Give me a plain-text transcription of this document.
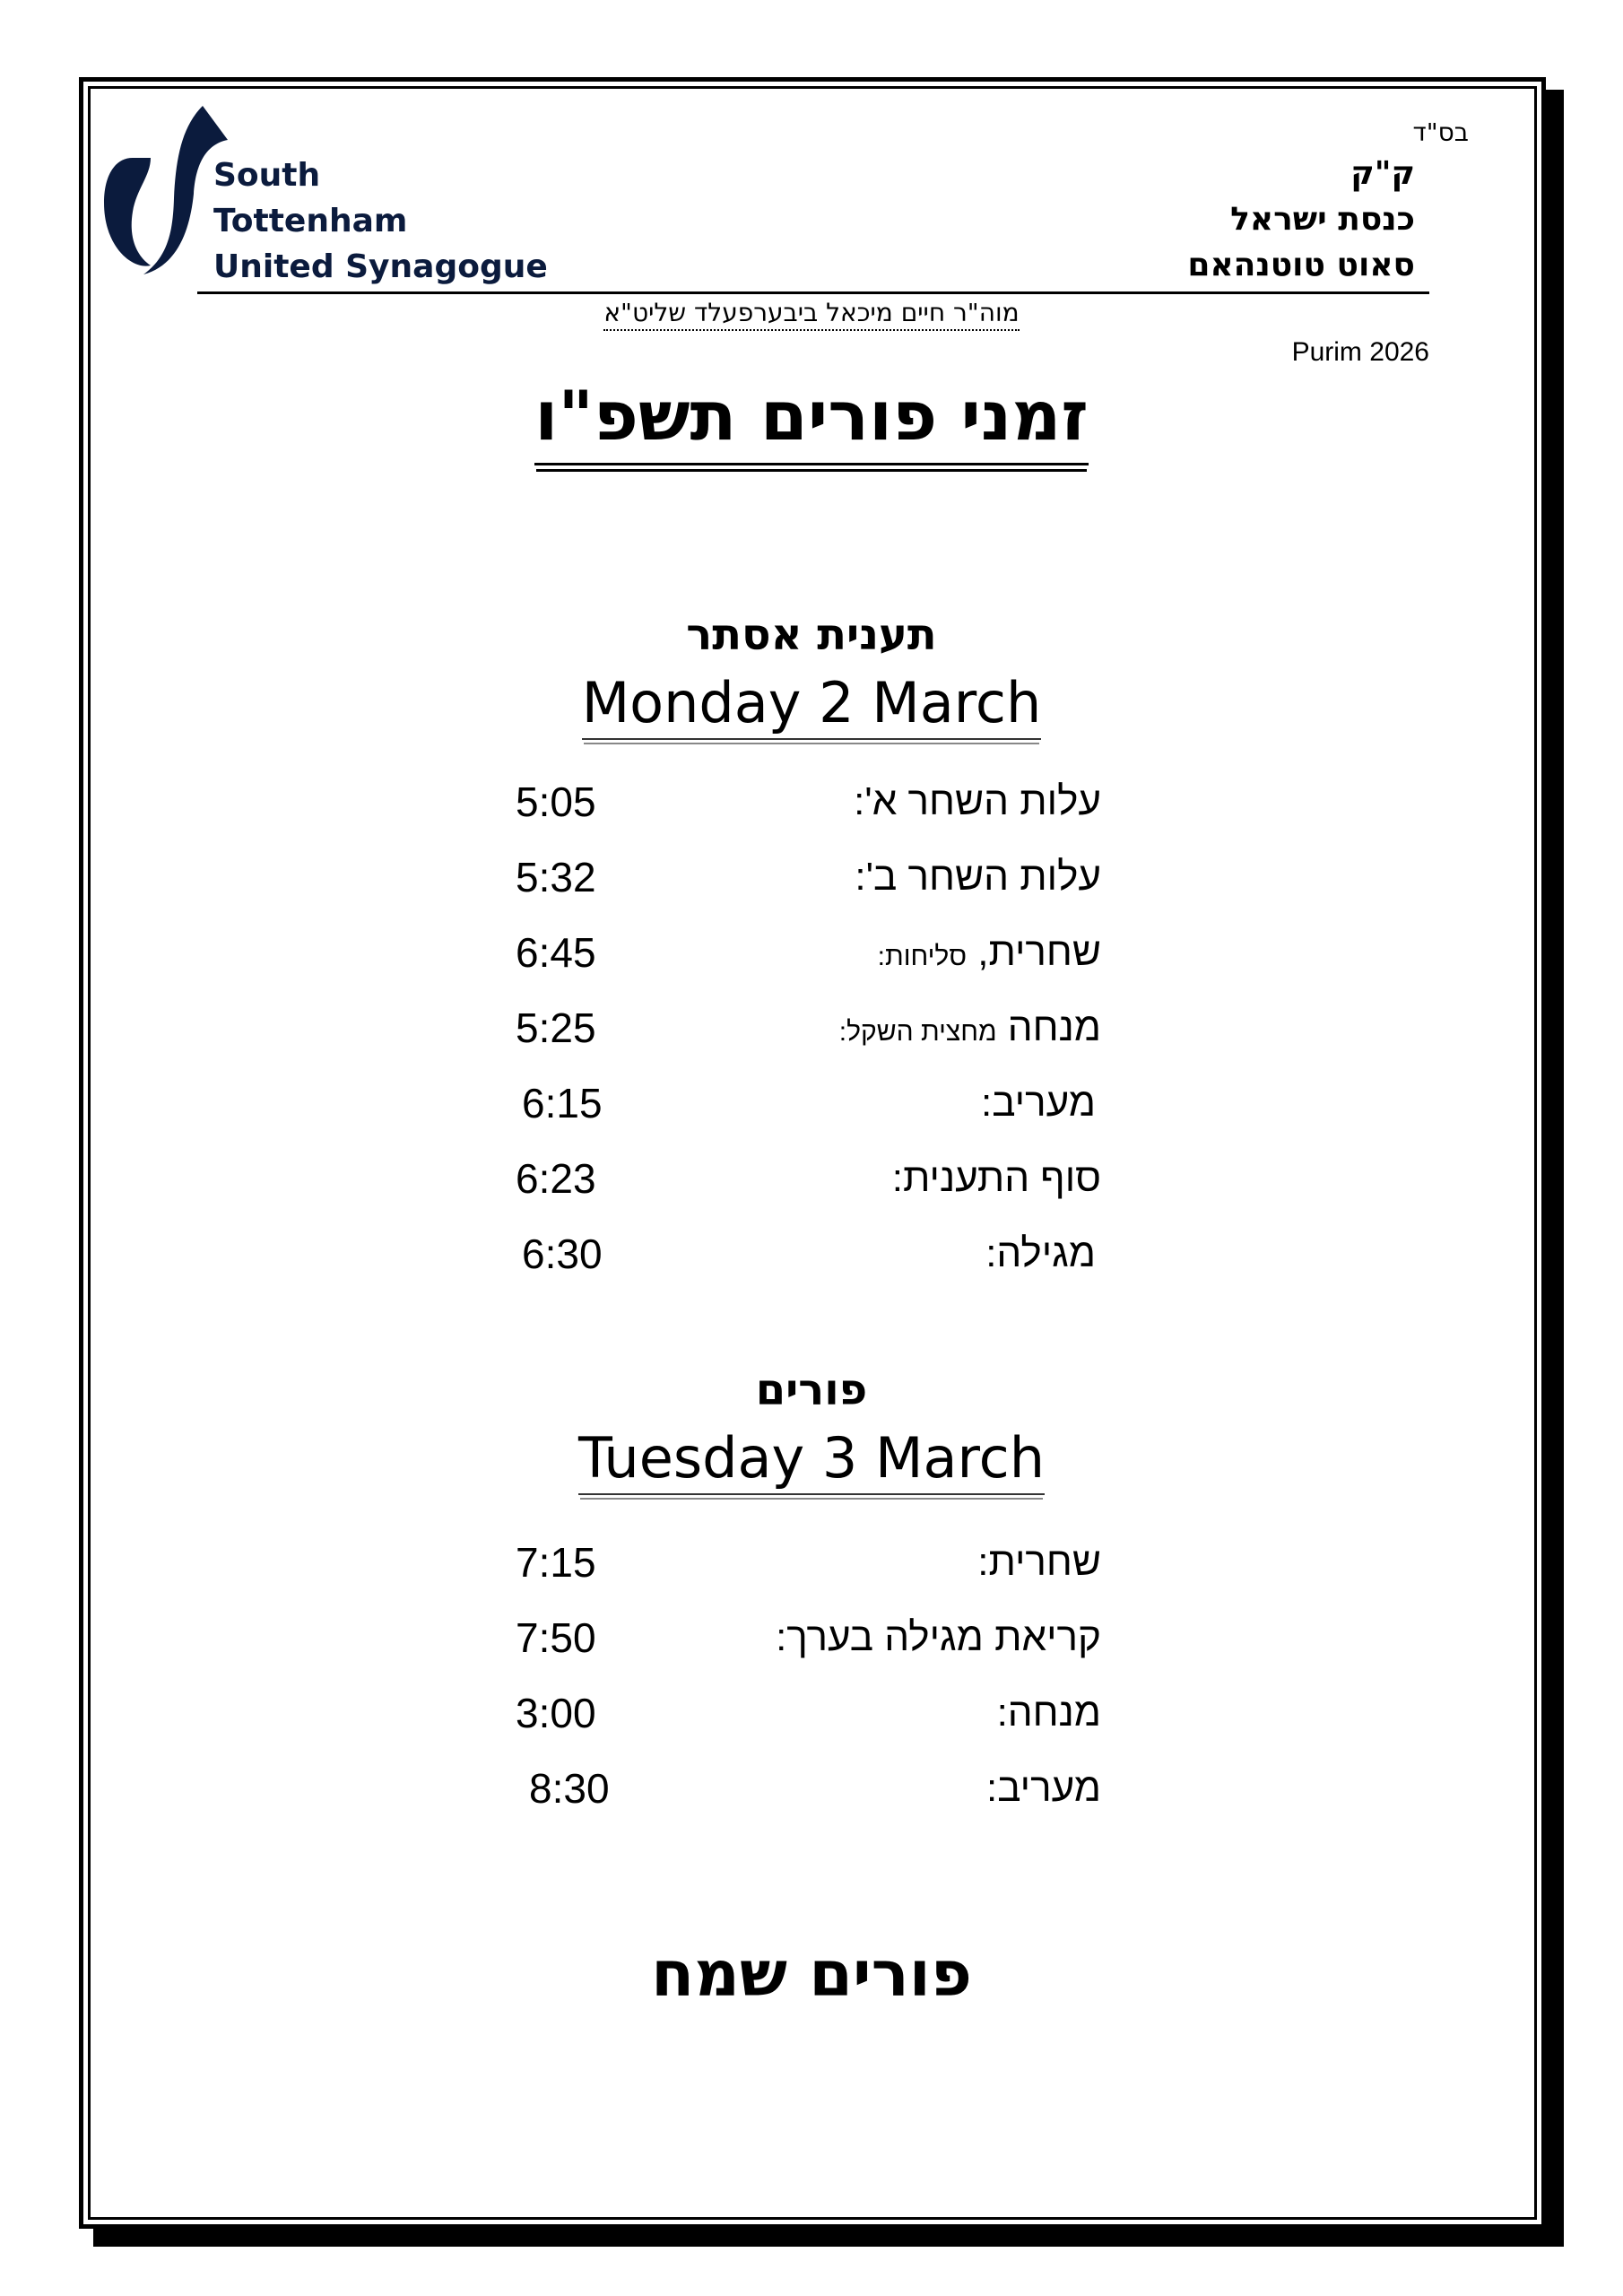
South
Tottenham
United Synagogue
בס"ד
ק"ק
כנסת ישראל
סאוט טוטנהאם
מוה"ר חיים מיכאל ביבערפעלד שליט"א
Purim 2026
זמני פורים תשפ"ו
תענית אסתר
Monday 2 March
5:05	עלות השחר א':
5:32	עלות השחר ב':
6:45	שחרית, סליחות:
5:25	מנחה מחצית השקל:
6:15	מעריב:
6:23	סוף התענית:
6:30	מגילה:
פורים
Tuesday 3 March
7:15	שחרית:
7:50	קריאת מגילה בערך:
3:00	מנחה:
8:30	מעריב:
פורים שמח
